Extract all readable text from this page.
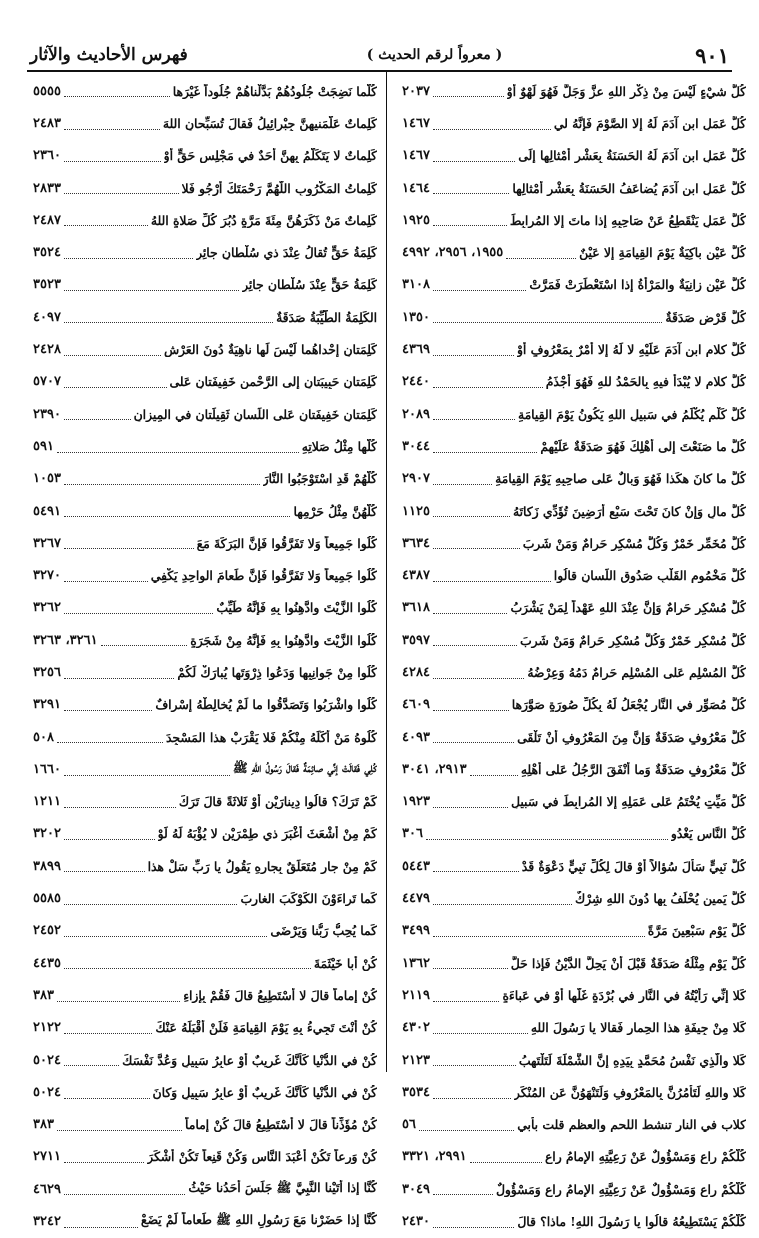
٩٠١
( معرواً لرقم الحديث )
فهرس الأحاديث والآثار
كُلُّ شيْءٍ لَيْسَ مِنْ ذِكْرِ اللهِ عزَّ وَجَلَّ فَهُوَ لَهْوٌ أوْ
٢٠٣٧
كُلُّ عَمَلِ ابنِ آدَمَ لَهُ إلا الصَّوْمَ فَإنَّهُ لي
١٤٦٧
كُلُّ عَمَلِ ابنِ آدَمَ لَهُ الحَسَنَةُ بِعَشْرِ أمْثالِها إلَى
١٤٦٧
كُلُّ عَمَلِ ابنِ آدَمَ يُضاعَفُ الحَسَنَةُ بِعَشْرِ أمْثالِها
١٤٦٤
كُلُّ عَمَلٍ يَنْقَطِعُ عَنْ صَاحِبِهِ إذا ماتَ إلا المُرابِطَ
١٩٢٥
كُلُّ عَيْنٍ باكِيَةٌ يَوْمَ القِيامَةِ إلا عَيْنٌ
١٩٥٥، ٢٩٥٦، ٤٩٩٢
كُلُّ عَيْنٍ زانِيَةٌ والمَرْأَةُ إذا اسْتَعْطَرَتْ فَمَرَّتْ
٣١٠٨
كُلُّ قَرْضٍ صَدَقَةٌ
١٣٥٠
كُلُّ كلامِ ابنِ آدَمَ عَلَيْهِ لا لَهُ إلا أمْرٌ بِمَعْرُوفٍ أوْ
٤٣٦٩
كُلُّ كلامٍ لا يُبْدَأُ فيهِ بِالحَمْدُ للهِ فَهُوَ أجْذَمُ
٢٤٤٠
كُلُّ كَلْمٍ يُكْلَمُ في سَبيلِ اللهِ يَكُونُ يَوْمَ القِيامَةِ
٢٠٨٩
كُلُّ ما صَنَعْتَ إلى أهْلِكَ فَهُوَ صَدَقَةٌ عَلَيْهِمْ
٣٠٤٤
كُلُّ ما كانَ هكَذا فَهُوَ وَبالٌ عَلى صاحِبِهِ يَوْمَ القِيامَةِ
٢٩٠٧
كُلُّ مالٍ وَإنْ كانَ تَحْتَ سَبْعِ أرَضِينَ تُؤَدِّي زَكاتَهُ
١١٢٥
كُلُّ مُخَمِّرٍ خَمْرٌ وَكُلُّ مُسْكِرٍ حَرامٌ وَمَنْ شَرِبَ
٣٦٣٤
كُلُّ مَخْمُومِ القَلْبِ صَدُوقِ اللِّسانِ قالُوا
٤٣٨٧
كُلُّ مُسْكِرٍ حَرامٌ وَإنَّ عِنْدَ اللهِ عَهْداً لِمَنْ يَشْرَبُ
٣٦١٨
كُلُّ مُسْكِرٍ خَمْرٌ وَكُلُّ مُسْكِرٍ حَرامٌ وَمَنْ شَرِبَ
٣٥٩٧
كُلُّ المُسْلِمِ عَلى المُسْلِمِ حَرامٌ دَمُهُ وَعِرْضُهُ
٤٢٨٤
كُلُّ مُصَوِّرٍ في النَّارِ يُجْعَلُ لَهُ بِكُلِّ صُورَةٍ صَوَّرَها
٤٦٠٩
كُلُّ مَعْرُوفٍ صَدَقَةٌ وَإنَّ مِنَ المَعْرُوفِ أنْ تَلْقَى
٤٠٩٣
كُلُّ مَعْرُوفٍ صَدَقَةٌ وَما أنْفَقَ الرَّجُلُ عَلى أهْلِهِ
٢٩١٣، ٣٠٤١
كُلُّ مَيِّتٍ يُخْتَمُ عَلى عَمَلِهِ إلا المُرابِطَ في سَبيلِ
١٩٢٣
كُلُّ النَّاسِ يَغْدُو
٣٠٦
كُلُّ نَبِيٍّ سَأَلَ سُؤالاً أوْ قالَ لِكُلِّ نَبِيٍّ دَعْوَةٌ قَدْ
٥٤٤٣
كُلُّ يَمينٍ يُحْلَفُ بِها دُونَ اللهِ شِرْكٌ
٤٤٧٩
كُلَّ يَوْمٍ سَبْعِينَ مَرَّةً
٣٤٩٩
كُلَّ يَوْمٍ مِثْلُهُ صَدَقَةٌ قَبْلَ أنْ يَحِلَّ الدَّيْنُ فَإذا حَلَّ
١٣٦٢
كَلا إنِّي رَأَيْتُهُ في النَّارِ في بُرْدَةٍ غَلَّها أوْ في عَباءَةٍ
٢١١٩
كَلا مِنْ جِيفَةِ هذا الحِمارِ فَقالا يا رَسُولَ اللهِ
٤٣٠٢
كَلا والَّذِي نَفْسُ مُحَمَّدٍ بِيَدِهِ إنَّ الشَّمْلَةَ لَتَلْتَهِبُ
٢١٢٣
كَلا واللهِ لَتَأْمُرُنَّ بِالمَعْرُوفِ وَلَتَنْهَوُنَّ عَنِ المُنْكَرِ
٣٥٣٤
كلاب في النار تنشط اللحم والعظم قلت بأبي
٥٦
كُلُّكُمْ راعٍ وَمَسْؤُولٌ عَنْ رَعِيَّتِهِ الإمامُ راعٍ
٢٩٩١، ٣٣٢١
كُلُّكُمْ راعٍ وَمَسْؤُولٌ عَنْ رَعِيَّتِهِ الإمامُ راعٍ وَمَسْؤُولٌ
٣٠٤٩
كُلُّكُمْ يَسْتَطِيعُهُ قالُوا يا رَسُولَ اللهِ! ماذا؟ قالَ
٢٤٣٠
كُلَّما نَضِجَتْ جُلُودُهُمْ بَدَّلْناهُمْ جُلُوداً غَيْرَها
٥٥٥٥
كَلِماتٌ عَلَّمَنيهِنَّ جِبْرائِيلُ فَقالَ تُسَبِّحانِ اللهَ
٢٤٨٣
كَلِماتٌ لا يَتَكَلَّمُ بِهِنَّ أحَدٌ في مَجْلِسِ حَقٍّ أوْ
٢٣٦٠
كَلِماتُ المَكْرُوبِ اللَّهُمَّ رَحْمَتَكَ أرْجُو فَلا
٢٨٣٣
كَلِماتٌ مَنْ ذَكَرَهُنَّ مِئَةَ مَرَّةٍ دُبُرَ كُلِّ صَلاةٍ اللهُ
٢٤٨٧
كَلِمَةُ حَقٍّ تُقالُ عِنْدَ ذي سُلْطانٍ جائِرٍ
٣٥٢٤
كَلِمَةُ حَقٍّ عِنْدَ سُلْطانٍ جائِرٍ
٣٥٢٣
الكَلِمَةُ الطَّيِّبَةُ صَدَقَةٌ
٤٠٩٧
كَلِمَتانِ إحْداهُما لَيْسَ لَها ناهِيَةٌ دُونَ العَرْشِ
٢٤٢٨
كَلِمَتانِ حَبِيبَتانِ إلى الرَّحْمنِ خَفِيفَتانِ عَلى
٥٧٠٧
كَلِمَتانِ خَفِيفَتانِ عَلى اللِّسانِ ثَقِيلَتانِ في المِيزانِ
٢٣٩٠
كُلُّها مِثْلُ صَلاتِهِ
٥٩١
كُلُّهُمْ قَدِ اسْتَوْجَبُوا النَّارَ
١٠٥٣
كُلُّهُنَّ مِثْلُ حَرْمِها
٥٤٩١
كُلُوا جَمِيعاً وَلا تَفَرَّقُوا فَإنَّ البَرَكَةَ مَعَ
٣٢٦٧
كُلُوا جَمِيعاً وَلا تَفَرَّقُوا فَإنَّ طَعامَ الواحِدِ يَكْفِي
٣٢٧٠
كُلُوا الزَّيْتَ وادَّهِنُوا بِهِ فَإنَّهُ طَيِّبٌ
٣٢٦٢
كُلُوا الزَّيْتَ وادَّهِنُوا بِهِ فَإنَّهُ مِنْ شَجَرَةٍ
٣٢٦١، ٣٢٦٣
كُلُوا مِنْ جَوانِبِها وَدَعُوا ذِرْوَتَها يُبارَكْ لَكُمْ
٣٢٥٦
كُلُوا واشْرَبُوا وَتَصَدَّقُوا ما لَمْ يُخالِطْهُ إسْرافٌ
٣٢٩١
كُلُوهُ مَنْ أكَلَهُ مِنْكُمْ فَلا يَقْرَبْ هذا المَسْجِدَ
٥٠٨
كُلِي فَقالَتْ إنِّي صائِمَةٌ فَقالَ رَسُولُ اللهِ ﷺ
١٦٦٠
كَمْ تَرَكَ؟ قالُوا دِينارَيْنِ أوْ ثَلاثَةً قالَ تَرَكَ
١٢١١
كَمْ مِنْ أشْعَثَ أغْبَرَ ذي طِمْرَيْنِ لا يُؤْبَهُ لَهُ لَوْ
٣٢٠٢
كَمْ مِنْ جارٍ مُتَعَلِّقٌ بِجارِهِ يَقُولُ يا رَبِّ سَلْ هذا
٣٨٩٩
كَما تَراءَوْنَ الكَوْكَبَ الغارِبَ
٥٥٨٥
كَما يُحِبُّ رَبُّنا وَيَرْضَى
٢٤٥٢
كُنْ أبا خَيْثَمَةَ
٤٤٣٥
كُنْ إماماً قالَ لا أسْتَطِيعُ قالَ فَقُمْ بِإزاءِ
٣٨٣
كُنْ أنْتَ تَجِيءُ بِهِ يَوْمَ القِيامَةِ فَلَنْ أقْبَلَهُ عَنْكَ
٢١٢٢
كُنْ في الدُّنْيا كَأنَّكَ غَرِيبٌ أوْ عابِرُ سَبِيلٍ وَعُدَّ نَفْسَكَ
٥٠٢٤
كُنْ في الدُّنْيا كَأنَّكَ غَرِيبٌ أوْ عابِرُ سَبِيلٍ وَكانَ
٥٠٢٤
كُنْ مُؤَذِّناً قالَ لا أسْتَطِيعُ قالَ كُنْ إماماً
٣٨٣
كُنْ وَرِعاً تَكُنْ أعْبَدَ النَّاسِ وَكُنْ قَنِعاً تَكُنْ أشْكَرَ
٢٧١١
كُنَّا إذا أتَيْنا النَّبِيَّ ﷺ جَلَسَ أحَدُنا حَيْثُ
٤٦٢٩
كُنَّا إذا حَضَرْنا مَعَ رَسُولِ اللهِ ﷺ طَعاماً لَمْ يَضَعْ
٣٢٤٢
